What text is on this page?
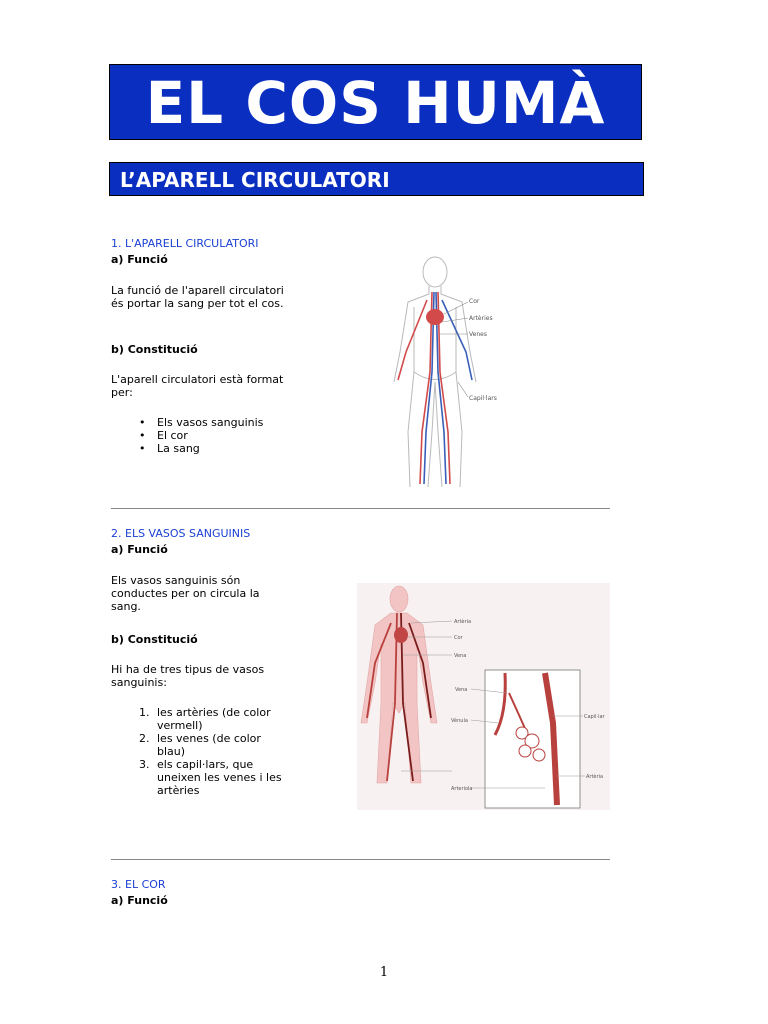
EL COS HUMÀ
L’APARELL CIRCULATORI
1. L'APARELL CIRCULATORI
a) Funció
La funció de l'aparell circulatori és portar la sang per tot el cos.
b) Constitució
L'aparell circulatori està format per:
• Els vasos sanguinis
• El cor
• La sang
Cor
Artèries
Venes
Capil·lars
2. ELS VASOS SANGUINIS
a) Funció
Els vasos sanguinis són conductes per on circula la sang.
b) Constitució
Hi ha de tres tipus de vasos sanguinis:
1. les artèries (de color vermell)
2. les venes (de color blau)
3. els capil·lars, que uneixen les venes i les artèries
Artèria
Cor
Vena
Vena
Vènula
Capil·lar
Arteriola
Artèria
3. EL COR
a) Funció
1
